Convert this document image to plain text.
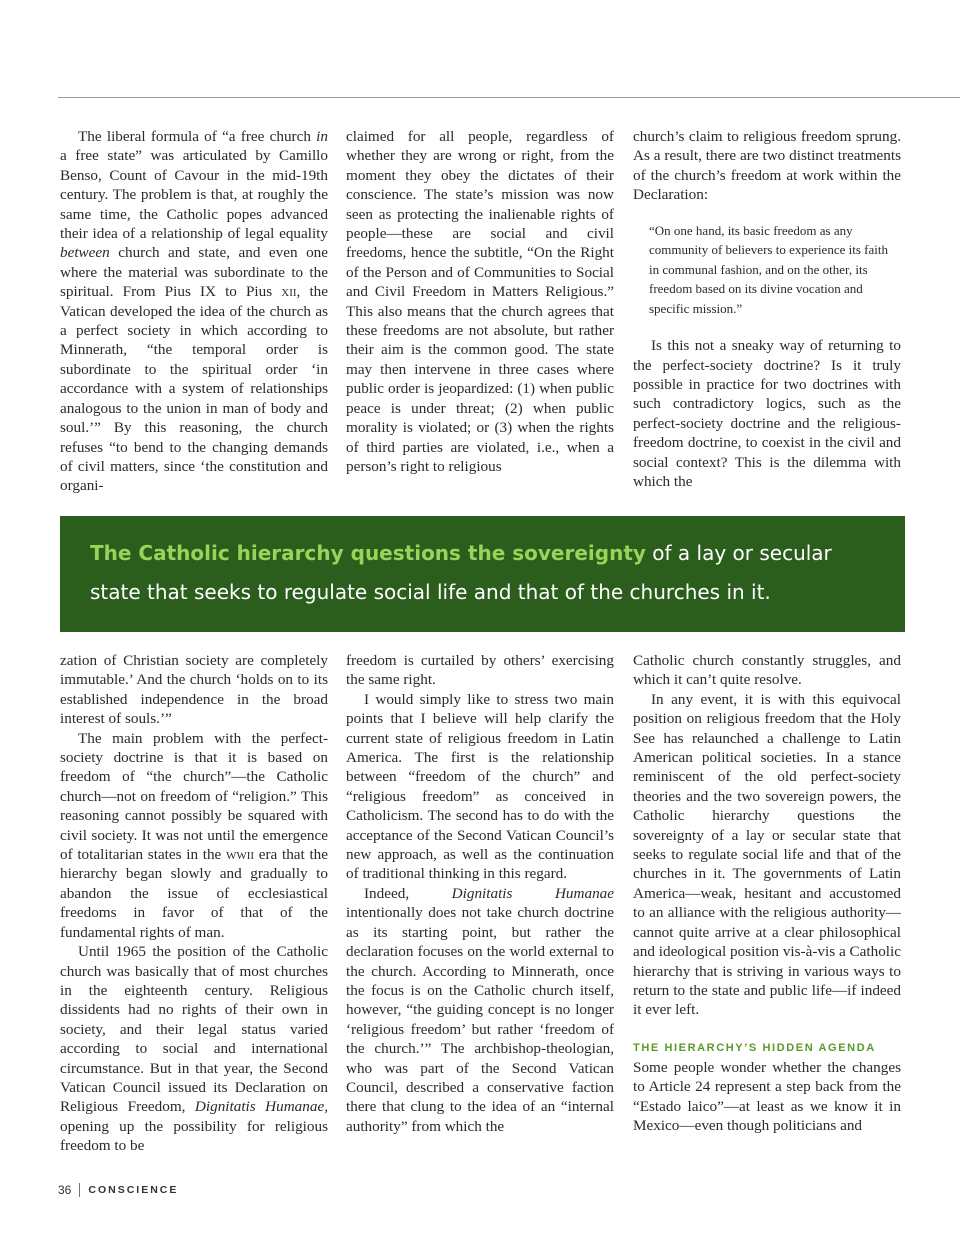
The liberal formula of “a free church in a free state” was articulated by Camillo Benso, Count of Cavour in the mid-19th century. The problem is that, at roughly the same time, the Catholic popes advanced their idea of a relationship of legal equality between church and state, and even one where the material was subordinate to the spiritual. From Pius IX to Pius xii, the Vatican developed the idea of the church as a perfect society in which according to Minnerath, “the temporal order is subordinate to the spiritual order ‘in accordance with a system of relationships analogous to the union in man of body and soul.’” By this reasoning, the church refuses “to bend to the changing demands of civil matters, since ‘the constitution and organi-

claimed for all people, regardless of whether they are wrong or right, from the moment they obey the dictates of their conscience. The state’s mission was now seen as protecting the inalienable rights of people—these are social and civil freedoms, hence the subtitle, “On the Right of the Person and of Communities to Social and Civil Freedom in Matters Religious.” This also means that the church agrees that these freedoms are not absolute, but rather their aim is the common good. The state may then intervene in three cases where public order is jeopardized: (1) when public peace is under threat; (2) when public morality is violated; or (3) when the rights of third parties are violated, i.e., when a person’s right to religious

church’s claim to religious freedom sprung. As a result, there are two distinct treatments of the church’s freedom at work within the Declaration:

“On one hand, its basic freedom as any community of believers to experience its faith in communal fashion, and on the other, its freedom based on its divine vocation and specific mission.”

Is this not a sneaky way of returning to the perfect-society doctrine? Is it truly possible in practice for two doctrines with such contradictory logics, such as the perfect-society doctrine and the religious-freedom doctrine, to coexist in the civil and social context? This is the dilemma with which the

The Catholic hierarchy questions the sovereignty of a lay or secular state that seeks to regulate social life and that of the churches in it.

zation of Christian society are completely immutable.’ And the church ‘holds on to its established independence in the broad interest of souls.’”

The main problem with the perfect-society doctrine is that it is based on freedom of “the church”—the Catholic church—not on freedom of “religion.” This reasoning cannot possibly be squared with civil society. It was not until the emergence of totalitarian states in the wwii era that the hierarchy began slowly and gradually to abandon the issue of ecclesiastical freedoms in favor of that of the fundamental rights of man.

Until 1965 the position of the Catholic church was basically that of most churches in the eighteenth century. Religious dissidents had no rights of their own in society, and their legal status varied according to social and international circumstance. But in that year, the Second Vatican Council issued its Declaration on Religious Freedom, Dignitatis Humanae, opening up the possibility for religious freedom to be

freedom is curtailed by others’ exercising the same right.

I would simply like to stress two main points that I believe will help clarify the current state of religious freedom in Latin America. The first is the relationship between “freedom of the church” and “religious freedom” as conceived in Catholicism. The second has to do with the acceptance of the Second Vatican Council’s new approach, as well as the continuation of traditional thinking in this regard.

Indeed, Dignitatis Humanae intentionally does not take church doctrine as its starting point, but rather the declaration focuses on the world external to the church. According to Minnerath, once the focus is on the Catholic church itself, however, “the guiding concept is no longer ‘religious freedom’ but rather ‘freedom of the church.’” The archbishop-theologian, who was part of the Second Vatican Council, described a conservative faction there that clung to the idea of an “internal authority” from which the

Catholic church constantly struggles, and which it can’t quite resolve.

In any event, it is with this equivocal position on religious freedom that the Holy See has relaunched a challenge to Latin American political societies. In a stance reminiscent of the old perfect-society theories and the two sovereign powers, the Catholic hierarchy questions the sovereignty of a lay or secular state that seeks to regulate social life and that of the churches in it. The governments of Latin America—weak, hesitant and accustomed to an alliance with the religious authority—cannot quite arrive at a clear philosophical and ideological position vis-à-vis a Catholic hierarchy that is striving in various ways to return to the state and public life—if indeed it ever left.

THE HIERARCHY’S HIDDEN AGENDA

Some people wonder whether the changes to Article 24 represent a step back from the “Estado laico”—at least as we know it in Mexico—even though politicians and

36	CONSCIENCE
